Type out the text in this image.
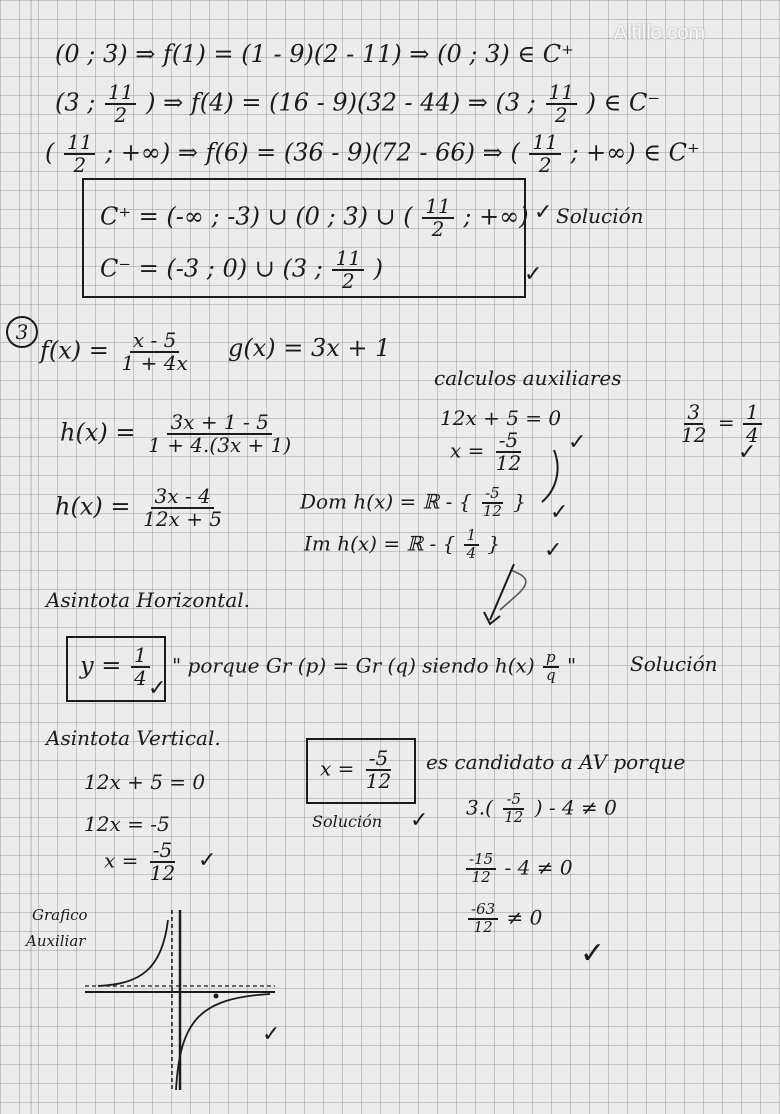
Altillo.com
(0 ; 3) ⇒ f(1) = (1 - 9)(2 - 11) ⇒ (0 ; 3) ∈ C⁺
(3 ; $\frac{11}{2}$ ) ⇒ f(4) = (16 - 9)(32 - 44) ⇒ (3 ; $\frac{11}{2}$ ) ∈ C⁻
( $\frac{11}{2}$ ; +∞) ⇒ f(6) = (36 - 9)(72 - 66) ⇒ ( $\frac{11}{2}$ ; +∞) ∈ C⁺
C⁺ = (-∞ ; -3) ∪ (0 ; 3) ∪ ( $\frac{11}{2}$ ; +∞)
C⁻ = (-3 ; 0) ∪ (3 ; $\frac{11}{2}$ )
✓ Solución
✓
3
$f(x) = \frac{x - 5}{1 + 4x} g(x) = 3x + 1$
$h(x) = \frac{3x + 1 - 5}{1 + 4.(3x + 1)}$
$h(x) = \frac{3x - 4}{12x + 5}$
calculos auxiliares
12x + 5 = 0
$x = \frac{-5}{12}$ ✓	$\frac{3}{12} = \frac{1}{4}$
✓
Dom h(x) = ℝ - { $\frac{-5}{12}$ } ✓
Im h(x) = ℝ - { $\frac{1}{4}$ } ✓
Asintota Horizontal.
$y = \frac{1}{4}$
✓
" porque Gr (p) = Gr (q) siendo $h(x) \frac{p}{q}$ "	Solución
Asintota Vertical.
12x + 5 = 0
12x = -5
$x = \frac{-5}{12}$ ✓
$x = \frac{-5}{12}$
Solución ✓
es candidato a AV porque
$3.( \frac{-5}{12}$ ) - 4 ≠ 0
$\frac{-15}{12} - 4 \ne 0$
$\frac{-63}{12} \ne 0$
✓
Grafico
Auxiliar
✓
